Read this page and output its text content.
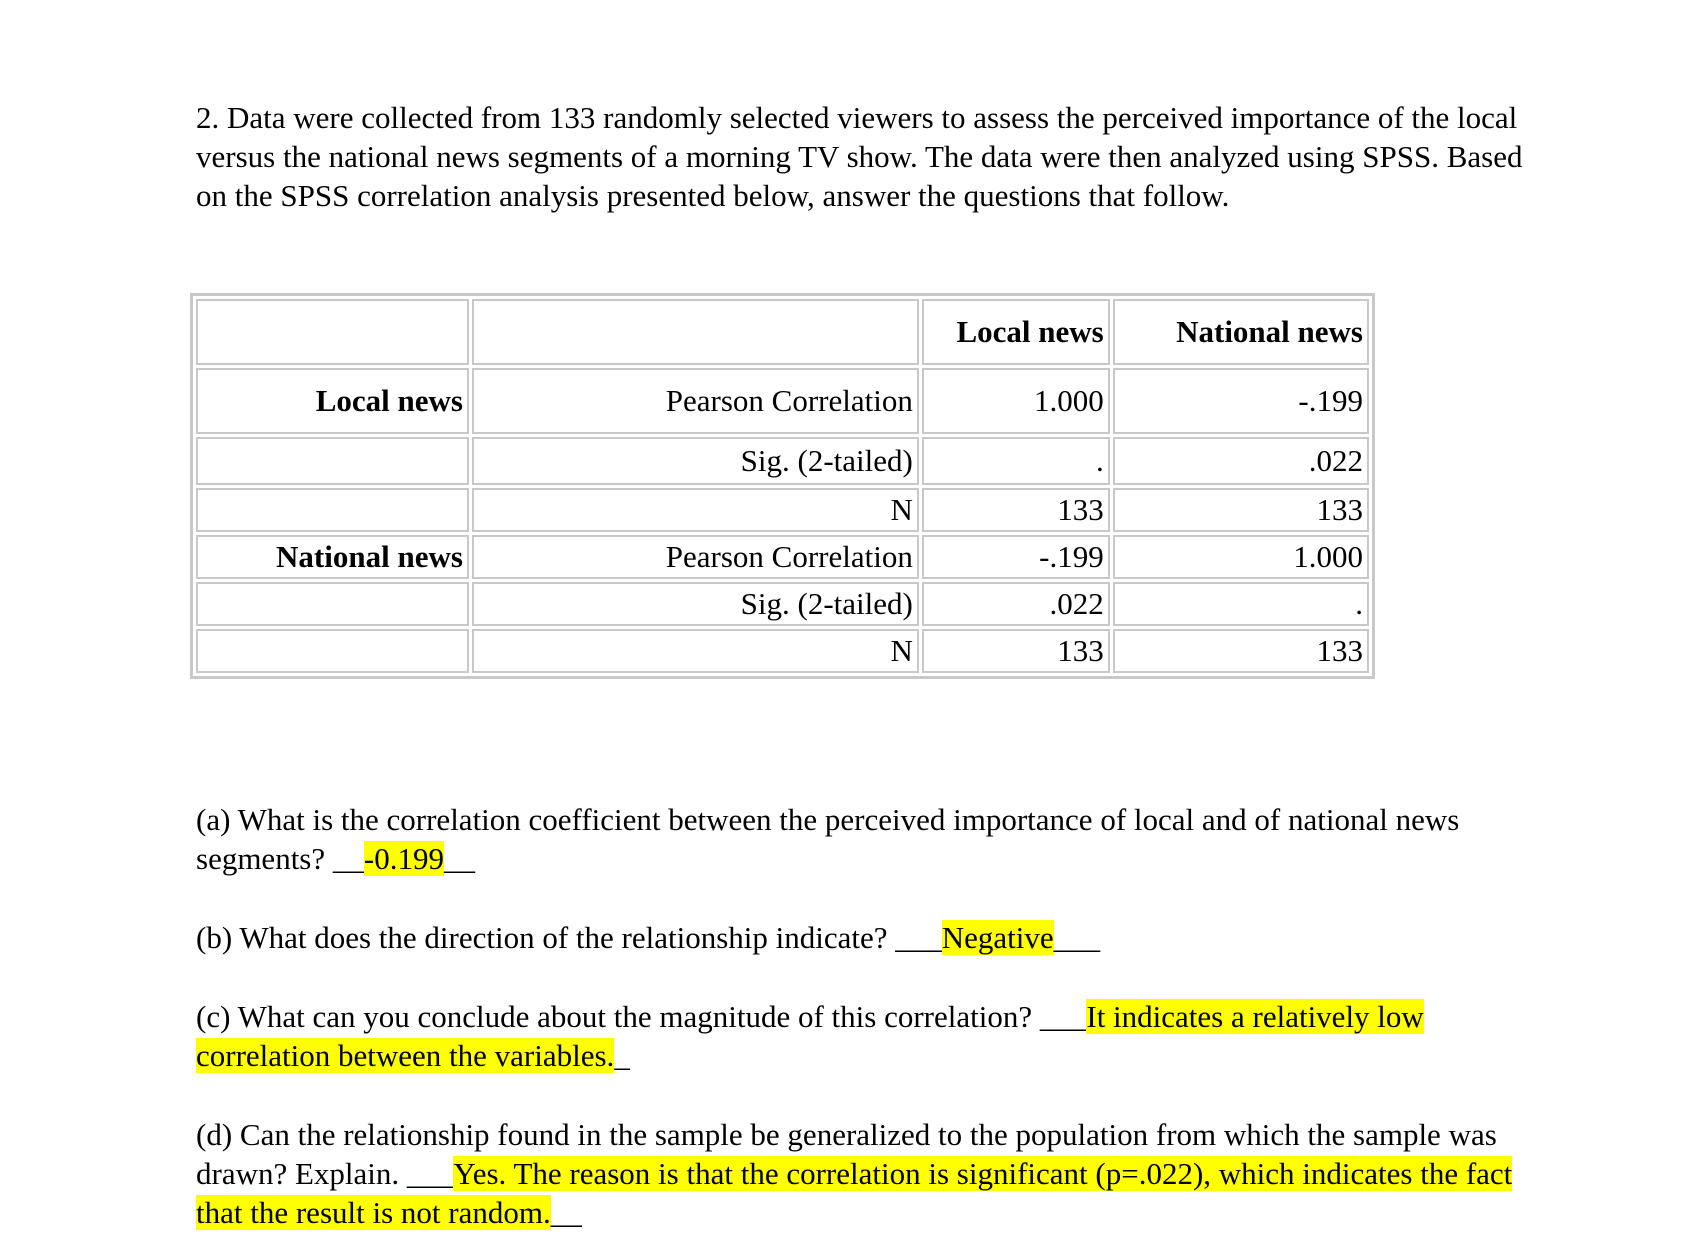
2. Data were collected from 133 randomly selected viewers to assess the perceived importance of the local versus the national news segments of a morning TV show. The data were then analyzed using SPSS. Based on the SPSS correlation analysis presented below, answer the questions that follow.

		Local news	National news
Local news	Pearson Correlation	1.000	-.199
	Sig. (2-tailed)	.	.022
	N	133	133
National news	Pearson Correlation	-.199	1.000
	Sig. (2-tailed)	.022	.
	N	133	133

(a) What is the correlation coefficient between the perceived importance of local and of national news segments? __-0.199__

(b) What does the direction of the relationship indicate? ___Negative___

(c) What can you conclude about the magnitude of this correlation? ___It indicates a relatively low correlation between the variables._

(d) Can the relationship found in the sample be generalized to the population from which the sample was drawn? Explain. ___Yes. The reason is that the correlation is significant (p=.022), which indicates the fact that the result is not random.__
